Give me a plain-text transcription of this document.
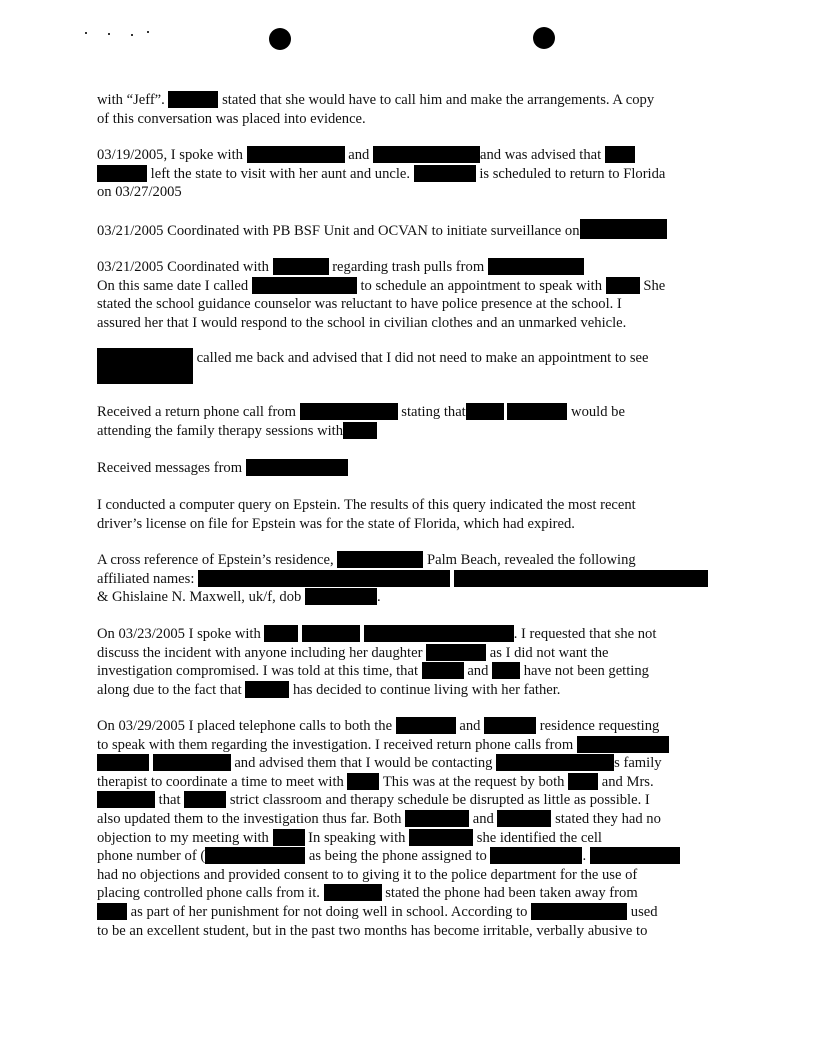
with “Jeff”.	stated that she would have to call him and make the arrangements. A copy
of this conversation was placed into evidence.
03/19/2005, I spoke with	and	and was advised that
left the state to visit with her aunt and uncle.	is scheduled to return to Florida
on 03/27/2005
03/21/2005 Coordinated with PB BSF Unit and OCVAN to initiate surveillance on
03/21/2005 Coordinated with	regarding trash pulls from
On this same date I called	to schedule an appointment to speak with	She
stated the school guidance counselor was reluctant to have police presence at the school. I
assured her that I would respond to the school in civilian clothes and an unmarked vehicle.
called me back and advised that I did not need to make an appointment to see
Received a return phone call from	stating that	would be
attending the family therapy sessions with
Received messages from
I conducted a computer query on Epstein. The results of this query indicated the most recent
driver’s license on file for Epstein was for the state of Florida, which had expired.
A cross reference of Epstein’s residence,	Palm Beach, revealed the following
affiliated names:
& Ghislaine N. Maxwell, uk/f, dob	.
On 03/23/2005 I spoke with	. I requested that she not
discuss the incident with anyone including her daughter	as I did not want the
investigation compromised. I was told at this time, that	and have not been getting
along due to the fact that	has decided to continue living with her father.
On 03/29/2005 I placed telephone calls to both the	and	residence requesting
to speak with them regarding the investigation. I received return phone calls from
and advised them that I would be contacting	s family
therapist to coordinate a time to meet with	This was at the request by both	and Mrs.
that	strict classroom and therapy schedule be disrupted as little as possible. I
also updated them to the investigation thus far. Both	and	stated they had no
objection to my meeting with	In speaking with	she identified the cell
phone number of (	as being the phone assigned to	.
had no objections and provided consent to to giving it to the police department for the use of
placing controlled phone calls from it.	stated the phone had been taken away from
as part of her punishment for not doing well in school. According to	used
to be an excellent student, but in the past two months has become irritable, verbally abusive to
